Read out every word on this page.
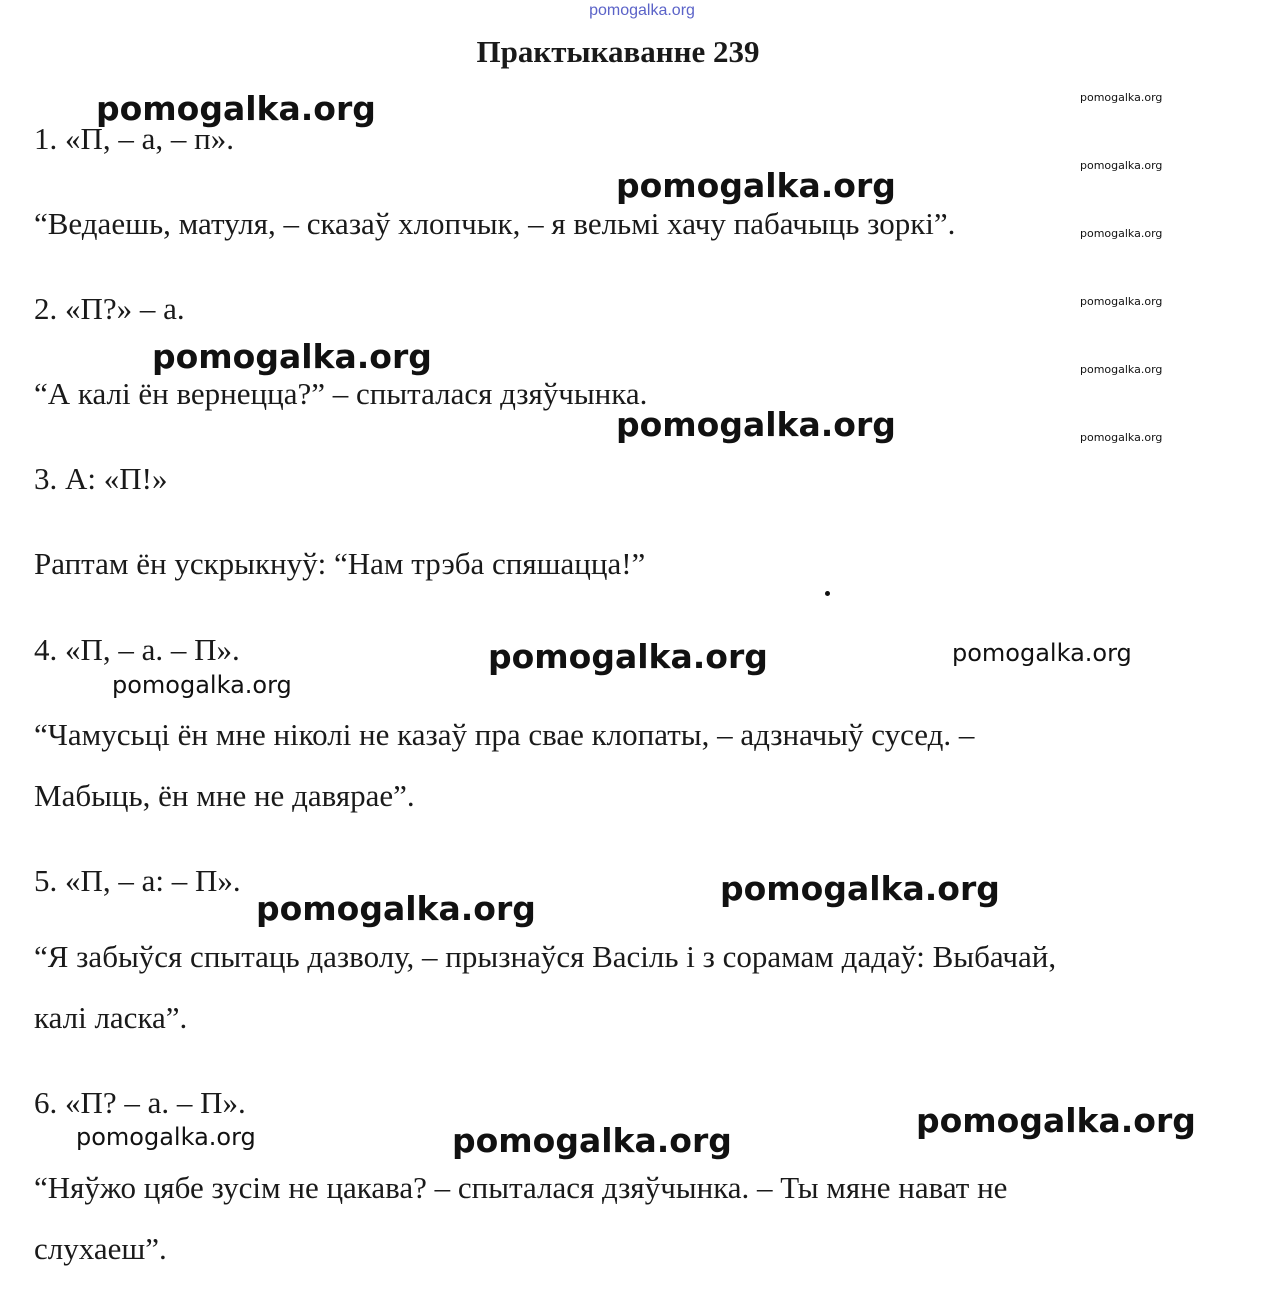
pomogalka.org
Практыкаванне 239
1. «П, – а, – п».
“Ведаешь, матуля, – сказаў хлопчык, – я вельмі хачу пабачыць зоркі”.
2. «П?» – а.
“А калі ён вернецца?” – спыталася дзяўчынка.
3. А: «П!»
Раптам ён ускрыкнуў: “Нам трэба спяшацца!”
4. «П, – а. – П».
“Чамусьці ён мне ніколі не казаў пра свае клопаты, – адзначыў сусед. –
Мабыць, ён мне не давярае”.
5. «П, – а: – П».
“Я забыўся спытаць дазволу, – прызнаўся Васіль і з сорамам дадаў: Выбачай,
калі ласка”.
6. «П? – а. – П».
“Няўжо цябе зусім не цакава? – спыталася дзяўчынка. – Ты мяне нават не
слухаеш”.
pomogalka.org
pomogalka.org
pomogalka.org
pomogalka.org
pomogalka.org
pomogalka.org
pomogalka.org
pomogalka.org
pomogalka.org
pomogalka.org
pomogalka.org
pomogalka.org
pomogalka.org
pomogalka.org
pomogalka.org
pomogalka.org
pomogalka.org
pomogalka.org
